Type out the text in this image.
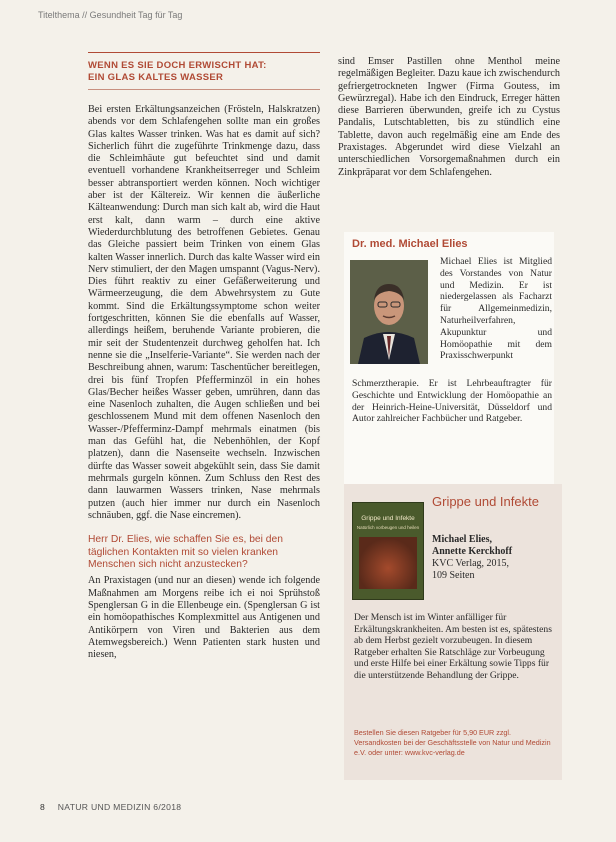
Titelthema // Gesundheit Tag für Tag
WENN ES SIE DOCH ERWISCHT HAT:
EIN GLAS KALTES WASSER

Bei ersten Erkältungsanzeichen (Frösteln, Halskratzen) abends vor dem Schlafengehen sollte man ein großes Glas kaltes Wasser trinken. Was hat es damit auf sich? Sicherlich führt die zugeführte Trinkmenge dazu, dass die Schleimhäute gut befeuchtet sind und damit eventuell vorhandene Krankheitserreger und Schleim besser abtransportiert werden können. Noch wichtiger aber ist der Kältereiz. Wir kennen die äußerliche Kälteanwendung: Durch man sich kalt ab, wird die Haut erst kalt, dann warm – durch eine aktive Wiederdurchblutung des betroffenen Gebietes. Genau das Gleiche passiert beim Trinken von einem Glas kalten Wasser innerlich. Durch das kalte Wasser wird ein Nerv stimuliert, der den Magen umspannt (Vagus-Nerv). Dies führt reaktiv zu einer Gefäßerweiterung und Wärmeerzeugung, die dem Abwehrsystem zu Gute kommt. Sind die Erkältungssymptome schon weiter fortgeschritten, können Sie die ebenfalls auf Wasser, allerdings heißem, beruhende Variante probieren, die mir seit der Studentenzeit durchweg geholfen hat. Ich nenne sie die „Inselferie-Variante“. Sie werden nach der Beschreibung ahnen, warum: Taschentücher bereitlegen, drei bis fünf Tropfen Pfefferminzöl in ein hohes Glas/Becher heißes Wasser geben, umrühren, dann das eine Nasenloch zuhalten, die Augen schließen und bei geschlossenem Mund mit dem offenen Nasenloch den Wasser-/Pfefferminz-Dampf mehrmals einatmen (bis man das Gefühl hat, die Nebenhöhlen, der Kopf platzen), dann die Nasenseite wechseln. Inzwischen dürfte das Wasser soweit abgekühlt sein, dass Sie damit mehrmals gurgeln können. Zum Schluss den Rest des dann lauwarmen Wassers trinken, Nase mehrmals putzen (auch hier immer nur durch ein Nasenloch schnäuben, ggf. die Nase eincremen).

Herr Dr. Elies, wie schaffen Sie es, bei den täglichen Kontakten mit so vielen kranken Menschen sich nicht anzustecken?

An Praxistagen (und nur an diesen) wende ich folgende Maßnahmen am Morgens reibe ich ei noi Sprühstoß Spenglersan G in die Ellenbeuge ein. (Spenglersan G ist ein homöopathisches Komplexmittel aus Antigenen und Antikörpern von Viren und Bakterien aus dem Atemwegsbereich.) Wenn Patienten stark husten und niesen,

sind Emser Pastillen ohne Menthol meine regelmäßigen Begleiter. Dazu kaue ich zwischendurch gefriergetrockneten Ingwer (Firma Goutess, im Gewürzregal). Habe ich den Eindruck, Erreger hätten diese Barrieren überwunden, greife ich zu Cystus Pandalis, Lutschtabletten, bis zu stündlich eine Tablette, davon auch regelmäßig eine am Ende des Praxistages. Abgerundet wird diese Vielzahl an unterschiedlichen Vorsorgemaßnahmen durch ein Zinkpräparat vor dem Schlafengehen.

Dr. med. Michael Elies

Michael Elies ist Mitglied des Vorstandes von Natur und Medizin. Er ist niedergelassen als Facharzt für Allgemeinmedizin, Naturheilverfahren, Akupunktur und Homöopathie mit dem Praxisschwerpunkt

Schmerztherapie. Er ist Lehrbeauftragter für Geschichte und Entwicklung der Homöopathie an der Heinrich-Heine-Universität, Düsseldorf und Autor zahlreicher Fachbücher und Ratgeber.

Grippe und Infekte
Natürlich vorbeugen und heilen
Grippe und Infekte
Michael Elies,
Annette Kerckhoff
KVC Verlag, 2015,
109 Seiten

Der Mensch ist im Winter anfälliger für Erkältungskrankheiten. Am besten ist es, spätestens ab dem Herbst gezielt vorzubeugen. In diesem Ratgeber erhalten Sie Ratschläge zur Vorbeugung und erste Hilfe bei einer Erkältung sowie Tipps für die unterstützende Behandlung der Grippe.

Bestellen Sie diesen Ratgeber für 5,90 EUR zzgl. Versandkosten bei der Geschäftsstelle von Natur und Medizin e.V. oder unter: www.kvc-verlag.de
8 NATUR UND MEDIZIN 6/2018
